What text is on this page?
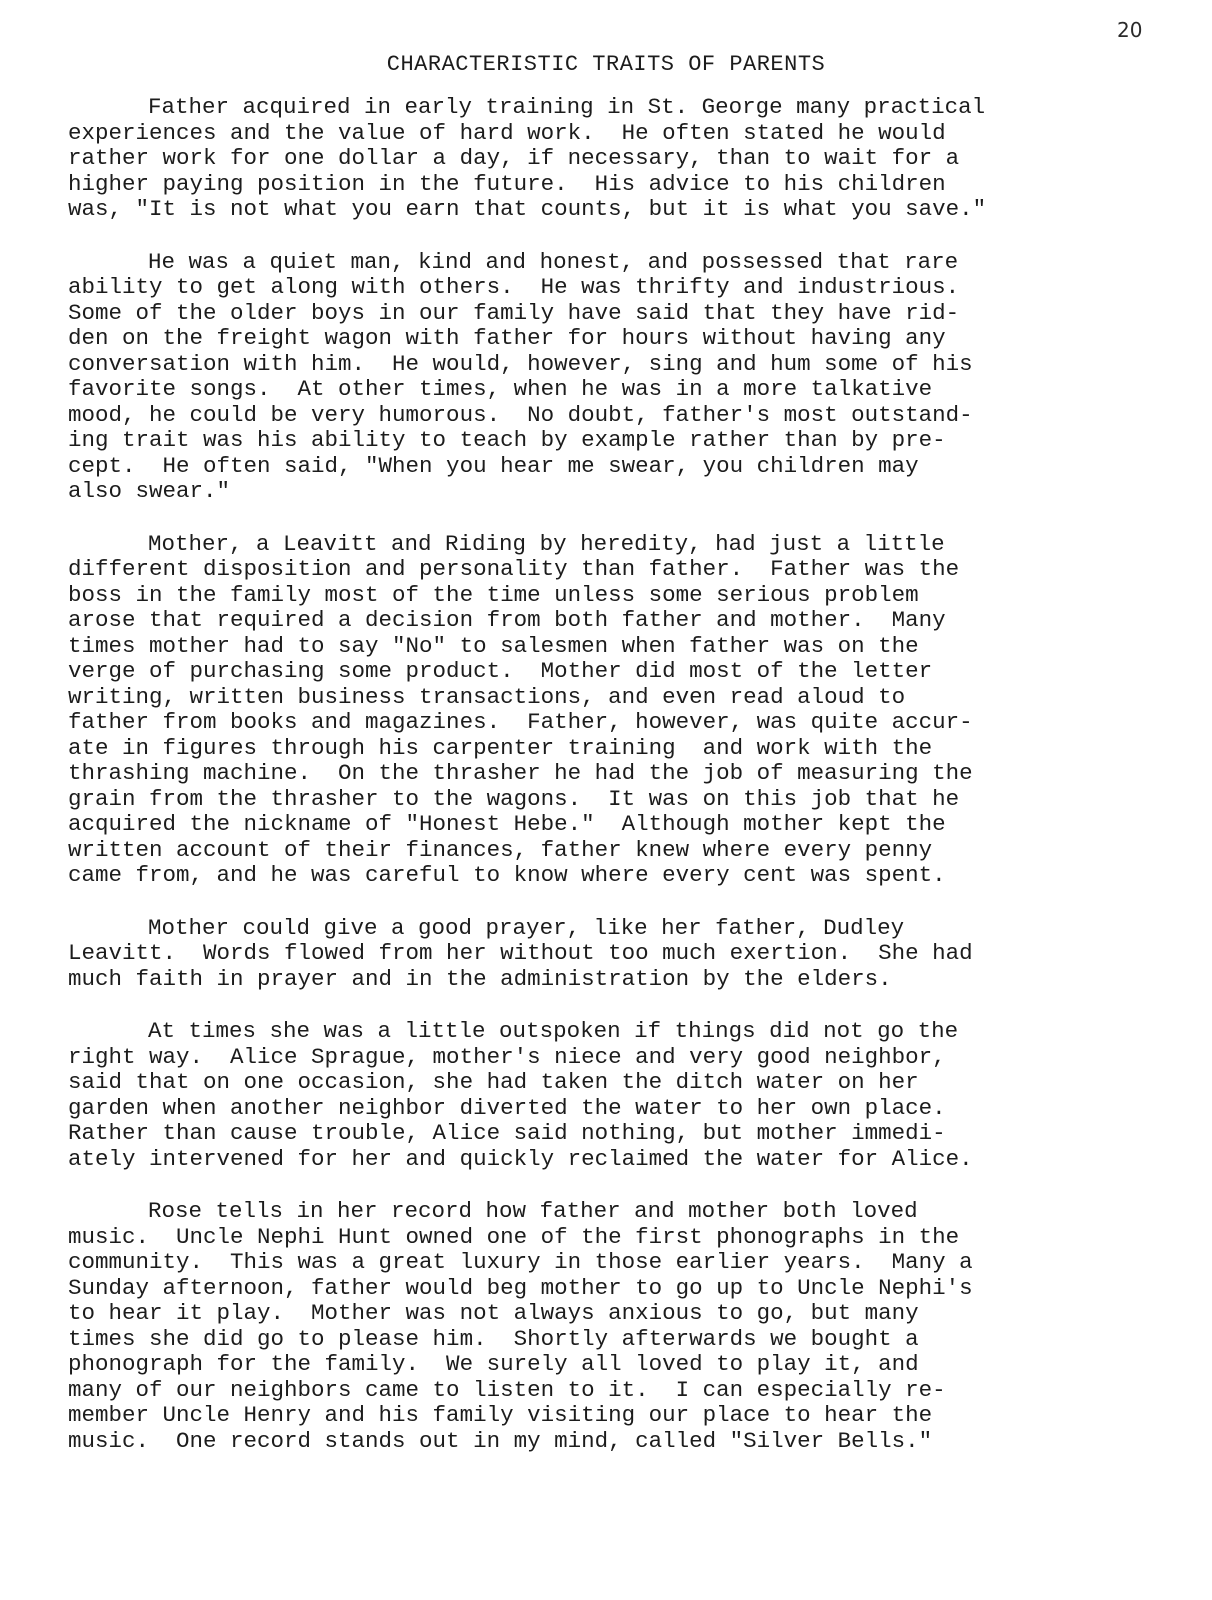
20
CHARACTERISTIC TRAITS OF PARENTS

Father acquired in early training in St. George many practical
experiences and the value of hard work.  He often stated he would
rather work for one dollar a day, if necessary, than to wait for a
higher paying position in the future.  His advice to his children
was, "It is not what you earn that counts, but it is what you save."

He was a quiet man, kind and honest, and possessed that rare
ability to get along with others.  He was thrifty and industrious.
Some of the older boys in our family have said that they have rid-
den on the freight wagon with father for hours without having any
conversation with him.  He would, however, sing and hum some of his
favorite songs.  At other times, when he was in a more talkative
mood, he could be very humorous.  No doubt, father's most outstand-
ing trait was his ability to teach by example rather than by pre-
cept.  He often said, "When you hear me swear, you children may
also swear."

Mother, a Leavitt and Riding by heredity, had just a little
different disposition and personality than father.  Father was the
boss in the family most of the time unless some serious problem
arose that required a decision from both father and mother.  Many
times mother had to say "No" to salesmen when father was on the
verge of purchasing some product.  Mother did most of the letter
writing, written business transactions, and even read aloud to
father from books and magazines.  Father, however, was quite accur-
ate in figures through his carpenter training  and work with the
thrashing machine.  On the thrasher he had the job of measuring the
grain from the thrasher to the wagons.  It was on this job that he
acquired the nickname of "Honest Hebe."  Although mother kept the
written account of their finances, father knew where every penny
came from, and he was careful to know where every cent was spent.

Mother could give a good prayer, like her father, Dudley
Leavitt.  Words flowed from her without too much exertion.  She had
much faith in prayer and in the administration by the elders.

At times she was a little outspoken if things did not go the
right way.  Alice Sprague, mother's niece and very good neighbor,
said that on one occasion, she had taken the ditch water on her
garden when another neighbor diverted the water to her own place.
Rather than cause trouble, Alice said nothing, but mother immedi-
ately intervened for her and quickly reclaimed the water for Alice.

Rose tells in her record how father and mother both loved
music.  Uncle Nephi Hunt owned one of the first phonographs in the
community.  This was a great luxury in those earlier years.  Many a
Sunday afternoon, father would beg mother to go up to Uncle Nephi's
to hear it play.  Mother was not always anxious to go, but many
times she did go to please him.  Shortly afterwards we bought a
phonograph for the family.  We surely all loved to play it, and
many of our neighbors came to listen to it.  I can especially re-
member Uncle Henry and his family visiting our place to hear the
music.  One record stands out in my mind, called "Silver Bells."
